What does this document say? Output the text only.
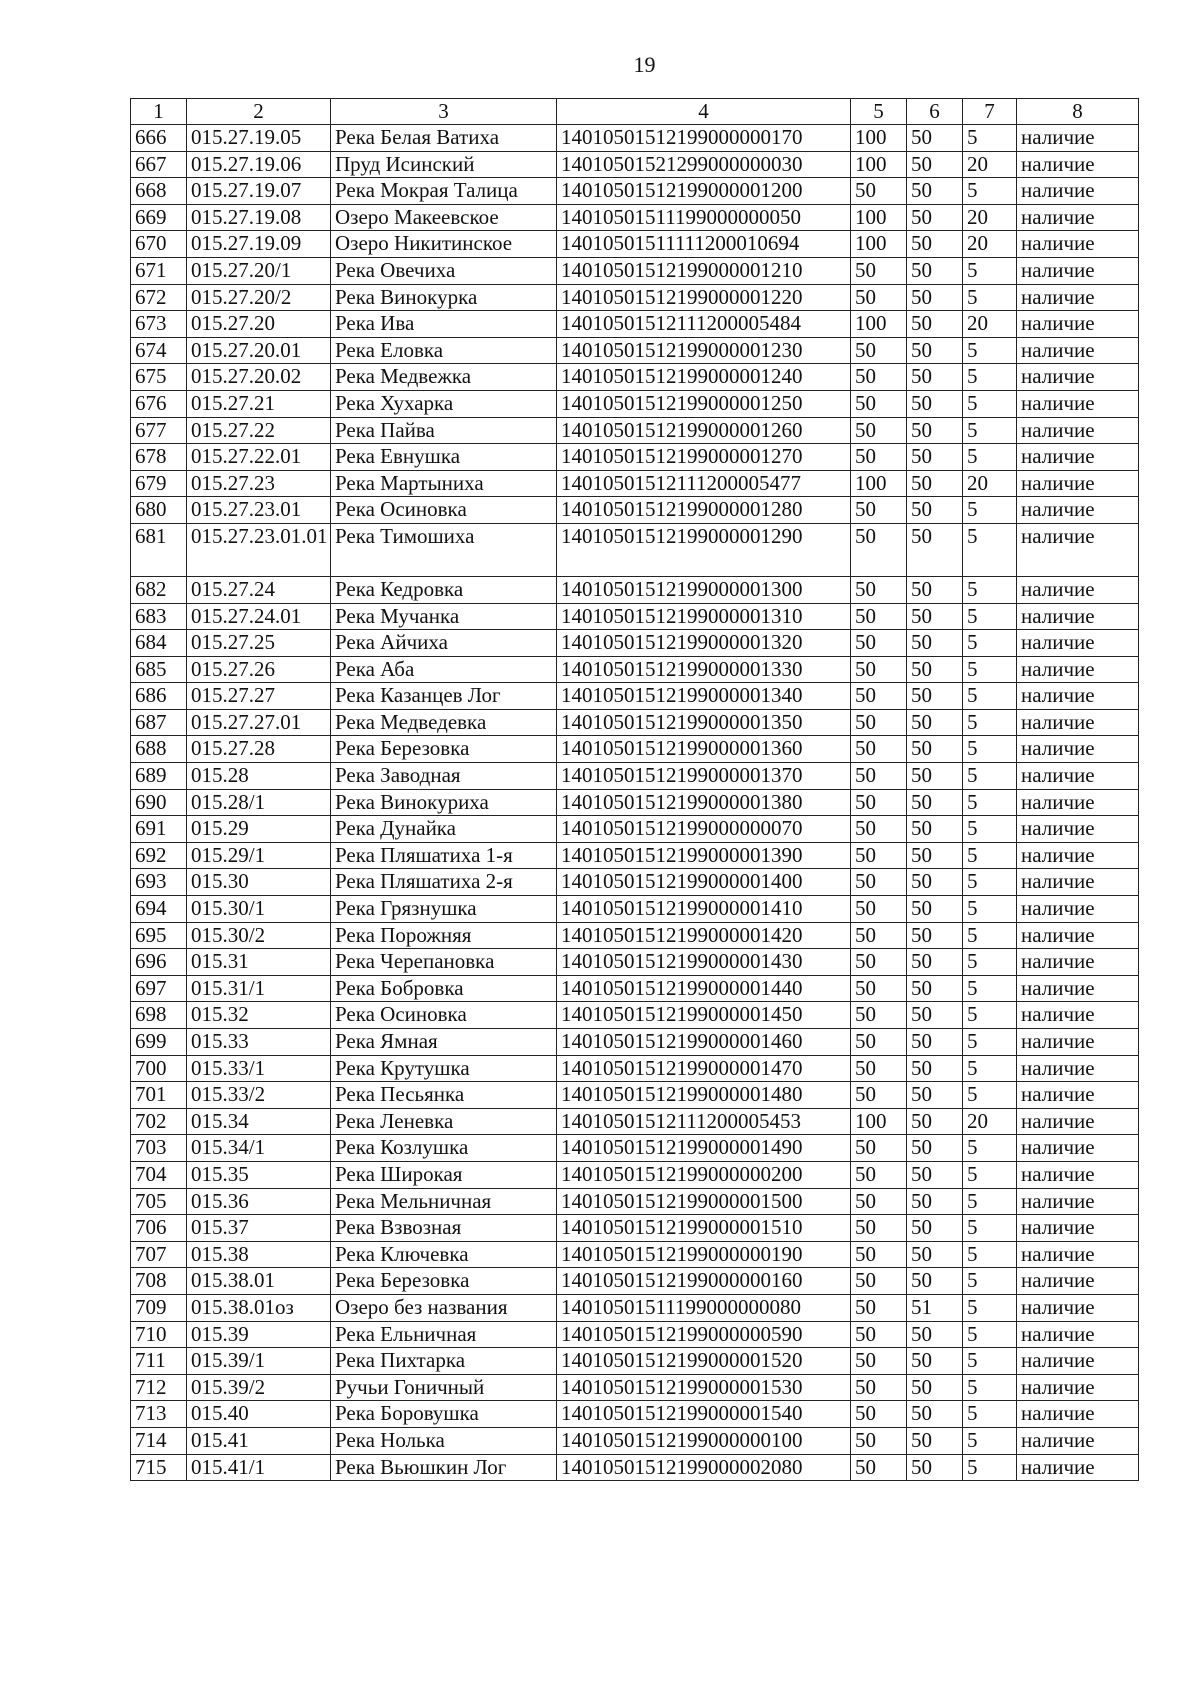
19
1	2	3	4	5	6	7	8
666	015.27.19.05	Река Белая Ватиха	14010501512199000000170	100	50	5	наличие
667	015.27.19.06	Пруд Исинский	14010501521299000000030	100	50	20	наличие
668	015.27.19.07	Река Мокрая Талица	14010501512199000001200	50	50	5	наличие
669	015.27.19.08	Озеро Макеевское	14010501511199000000050	100	50	20	наличие
670	015.27.19.09	Озеро Никитинское	14010501511111200010694	100	50	20	наличие
671	015.27.20/1	Река Овечиха	14010501512199000001210	50	50	5	наличие
672	015.27.20/2	Река Винокурка	14010501512199000001220	50	50	5	наличие
673	015.27.20	Река Ива	14010501512111200005484	100	50	20	наличие
674	015.27.20.01	Река Еловка	14010501512199000001230	50	50	5	наличие
675	015.27.20.02	Река Медвежка	14010501512199000001240	50	50	5	наличие
676	015.27.21	Река Хухарка	14010501512199000001250	50	50	5	наличие
677	015.27.22	Река Пайва	14010501512199000001260	50	50	5	наличие
678	015.27.22.01	Река Евнушка	14010501512199000001270	50	50	5	наличие
679	015.27.23	Река Мартыниха	14010501512111200005477	100	50	20	наличие
680	015.27.23.01	Река Осиновка	14010501512199000001280	50	50	5	наличие
681	015.27.23.01.01	Река Тимошиха	14010501512199000001290	50	50	5	наличие
682	015.27.24	Река Кедровка	14010501512199000001300	50	50	5	наличие
683	015.27.24.01	Река Мучанка	14010501512199000001310	50	50	5	наличие
684	015.27.25	Река Айчиха	14010501512199000001320	50	50	5	наличие
685	015.27.26	Река Аба	14010501512199000001330	50	50	5	наличие
686	015.27.27	Река Казанцев Лог	14010501512199000001340	50	50	5	наличие
687	015.27.27.01	Река Медведевка	14010501512199000001350	50	50	5	наличие
688	015.27.28	Река Березовка	14010501512199000001360	50	50	5	наличие
689	015.28	Река Заводная	14010501512199000001370	50	50	5	наличие
690	015.28/1	Река Винокуриха	14010501512199000001380	50	50	5	наличие
691	015.29	Река Дунайка	14010501512199000000070	50	50	5	наличие
692	015.29/1	Река Пляшатиха 1-я	14010501512199000001390	50	50	5	наличие
693	015.30	Река Пляшатиха 2-я	14010501512199000001400	50	50	5	наличие
694	015.30/1	Река Грязнушка	14010501512199000001410	50	50	5	наличие
695	015.30/2	Река Порожняя	14010501512199000001420	50	50	5	наличие
696	015.31	Река Черепановка	14010501512199000001430	50	50	5	наличие
697	015.31/1	Река Бобровка	14010501512199000001440	50	50	5	наличие
698	015.32	Река Осиновка	14010501512199000001450	50	50	5	наличие
699	015.33	Река Ямная	14010501512199000001460	50	50	5	наличие
700	015.33/1	Река Крутушка	14010501512199000001470	50	50	5	наличие
701	015.33/2	Река Песьянка	14010501512199000001480	50	50	5	наличие
702	015.34	Река Леневка	14010501512111200005453	100	50	20	наличие
703	015.34/1	Река Козлушка	14010501512199000001490	50	50	5	наличие
704	015.35	Река Широкая	14010501512199000000200	50	50	5	наличие
705	015.36	Река Мельничная	14010501512199000001500	50	50	5	наличие
706	015.37	Река Взвозная	14010501512199000001510	50	50	5	наличие
707	015.38	Река Ключевка	14010501512199000000190	50	50	5	наличие
708	015.38.01	Река Березовка	14010501512199000000160	50	50	5	наличие
709	015.38.01оз	Озеро без названия	14010501511199000000080	50	51	5	наличие
710	015.39	Река Ельничная	14010501512199000000590	50	50	5	наличие
711	015.39/1	Река Пихтарка	14010501512199000001520	50	50	5	наличие
712	015.39/2	Ручьи Гоничный	14010501512199000001530	50	50	5	наличие
713	015.40	Река Боровушка	14010501512199000001540	50	50	5	наличие
714	015.41	Река Нолька	14010501512199000000100	50	50	5	наличие
715	015.41/1	Река Вьюшкин Лог	14010501512199000002080	50	50	5	наличие
